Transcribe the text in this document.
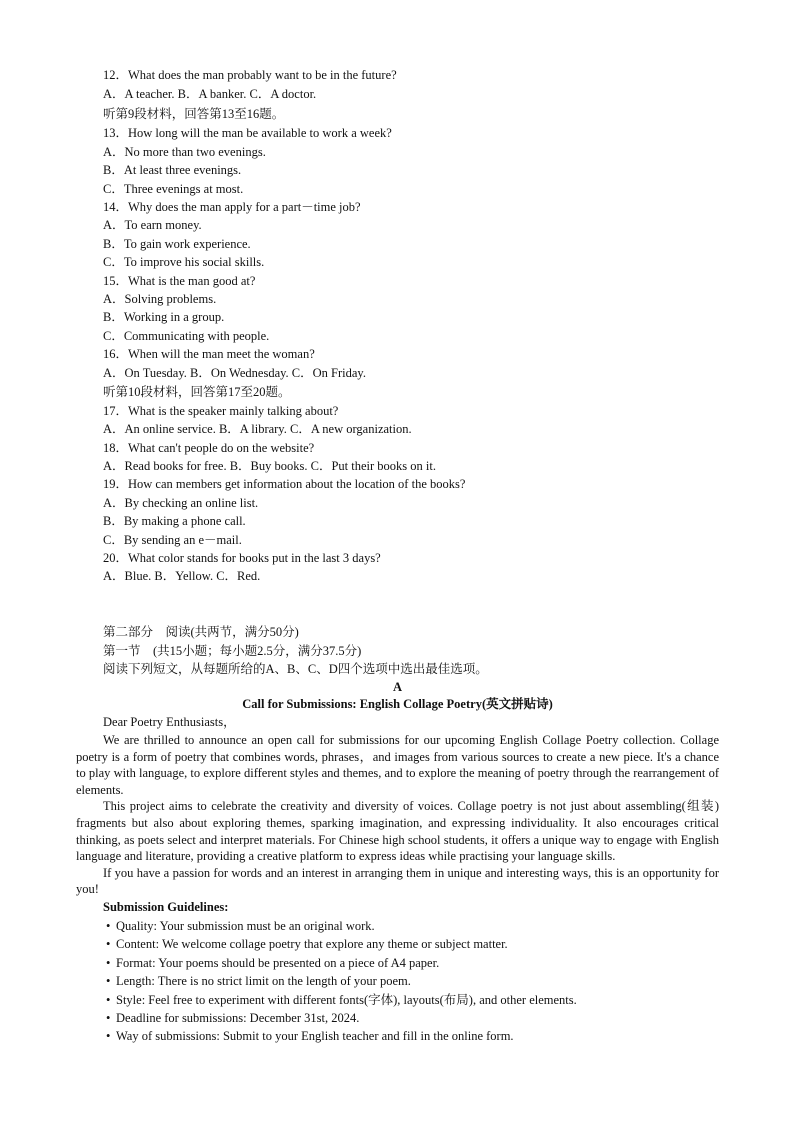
12．What does the man probably want to be in the future?
A．A teacher. B．A banker. C．A doctor.
听第9段材料，回答第13至16题。
13．How long will the man be available to work a week?
A．No more than two evenings.
B．At least three evenings.
C．Three evenings at most.
14．Why does the man apply for a part－time job?
A．To earn money.
B．To gain work experience.
C．To improve his social skills.
15．What is the man good at?
A．Solving problems.
B．Working in a group.
C．Communicating with people.
16．When will the man meet the woman?
A．On Tuesday. B．On Wednesday. C．On Friday.
听第10段材料，回答第17至20题。
17．What is the speaker mainly talking about?
A．An online service. B．A library. C．A new organization.
18．What can't people do on the website?
A．Read books for free. B．Buy books. C．Put their books on it.
19．How can members get information about the location of the books?
A．By checking an online list.
B．By making a phone call.
C．By sending an e－mail.
20．What color stands for books put in the last 3 days?
A．Blue. B．Yellow. C．Red.
第二部分　阅读(共两节，满分50分)
第一节　(共15小题；每小题2.5分，满分37.5分)
阅读下列短文，从每题所给的A、B、C、D四个选项中选出最佳选项。
A
Call for Submissions: English Collage Poetry(英文拼贴诗)
Dear Poetry Enthusiasts，

We are thrilled to announce an open call for submissions for our upcoming English Collage Poetry collection. Collage poetry is a form of poetry that combines words, phrases，and images from various sources to create a new piece. It's a chance to play with language, to explore different styles and themes, and to explore the meaning of poetry through the rearrangement of elements.

This project aims to celebrate the creativity and diversity of voices. Collage poetry is not just about assembling(组装) fragments but also about exploring themes, sparking imagination, and expressing individuality. It also encourages critical thinking, as poets select and interpret materials. For Chinese high school students, it offers a unique way to engage with English language and literature, providing a creative platform to express ideas while practising your language skills.

If you have a passion for words and an interest in arranging them in unique and interesting ways, this is an opportunity for you!

Submission Guidelines:
• Quality: Your submission must be an original work.
• Content: We welcome collage poetry that explore any theme or subject matter.
• Format: Your poems should be presented on a piece of A4 paper.
• Length: There is no strict limit on the length of your poem.
• Style: Feel free to experiment with different fonts(字体), layouts(布局), and other elements.
• Deadline for submissions: December 31st, 2024.
• Way of submissions: Submit to your English teacher and fill in the online form.
